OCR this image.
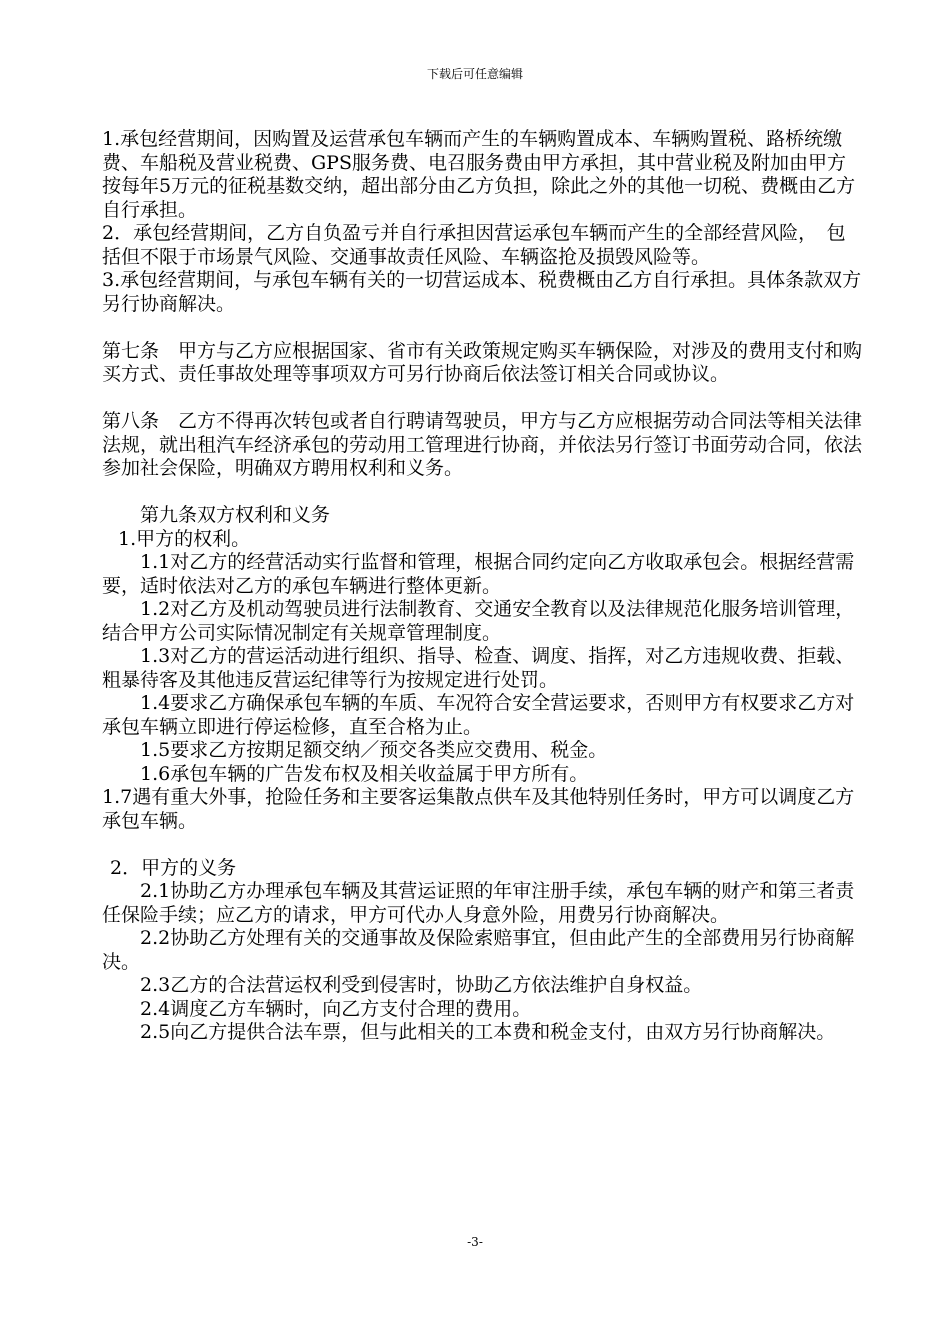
下载后可任意编辑

1.承包经营期间，因购置及运营承包车辆而产生的车辆购置成本、车辆购置税、路桥统缴费、车船税及营业税费、GPS服务费、电召服务费由甲方承担，其中营业税及附加由甲方按每年5万元的征税基数交纳，超出部分由乙方负担，除此之外的其他一切税、费概由乙方自行承担。

2．承包经营期间，乙方自负盈亏并自行承担因营运承包车辆而产生的全部经营风险，　包括但不限于市场景气风险、交通事故责任风险、车辆盗抢及损毁风险等。

3.承包经营期间，与承包车辆有关的一切营运成本、税费概由乙方自行承担。具体条款双方另行协商解决。

第七条　甲方与乙方应根据国家、省市有关政策规定购买车辆保险，对涉及的费用支付和购买方式、责任事故处理等事项双方可另行协商后依法签订相关合同或协议。

第八条　乙方不得再次转包或者自行聘请驾驶员，甲方与乙方应根据劳动合同法等相关法律法规，就出租汽车经济承包的劳动用工管理进行协商，并依法另行签订书面劳动合同，依法参加社会保险，明确双方聘用权利和义务。

第九条双方权利和义务

1.甲方的权利。

1.1对乙方的经营活动实行监督和管理，根据合同约定向乙方收取承包会。根据经营需要，适时依法对乙方的承包车辆进行整体更新。

1.2对乙方及机动驾驶员进行法制教育、交通安全教育以及法律规范化服务培训管理，结合甲方公司实际情况制定有关规章管理制度。

1.3对乙方的营运活动进行组织、指导、检查、调度、指挥，对乙方违规收费、拒载、粗暴待客及其他违反营运纪律等行为按规定进行处罚。

1.4要求乙方确保承包车辆的车质、车况符合安全营运要求，否则甲方有权要求乙方对承包车辆立即进行停运检修，直至合格为止。

1.5要求乙方按期足额交纳／预交各类应交费用、税金。

1.6承包车辆的广告发布权及相关收益属于甲方所有。

1.7遇有重大外事，抢险任务和主要客运集散点供车及其他特别任务时，甲方可以调度乙方承包车辆。

2．甲方的义务

2.1协助乙方办理承包车辆及其营运证照的年审注册手续，承包车辆的财产和第三者责任保险手续；应乙方的请求，甲方可代办人身意外险，用费另行协商解决。

2.2协助乙方处理有关的交通事故及保险索赔事宜，但由此产生的全部费用另行协商解决。

2.3乙方的合法营运权利受到侵害时，协助乙方依法维护自身权益。

2.4调度乙方车辆时，向乙方支付合理的费用。

2.5向乙方提供合法车票，但与此相关的工本费和税金支付，由双方另行协商解决。

-3-
